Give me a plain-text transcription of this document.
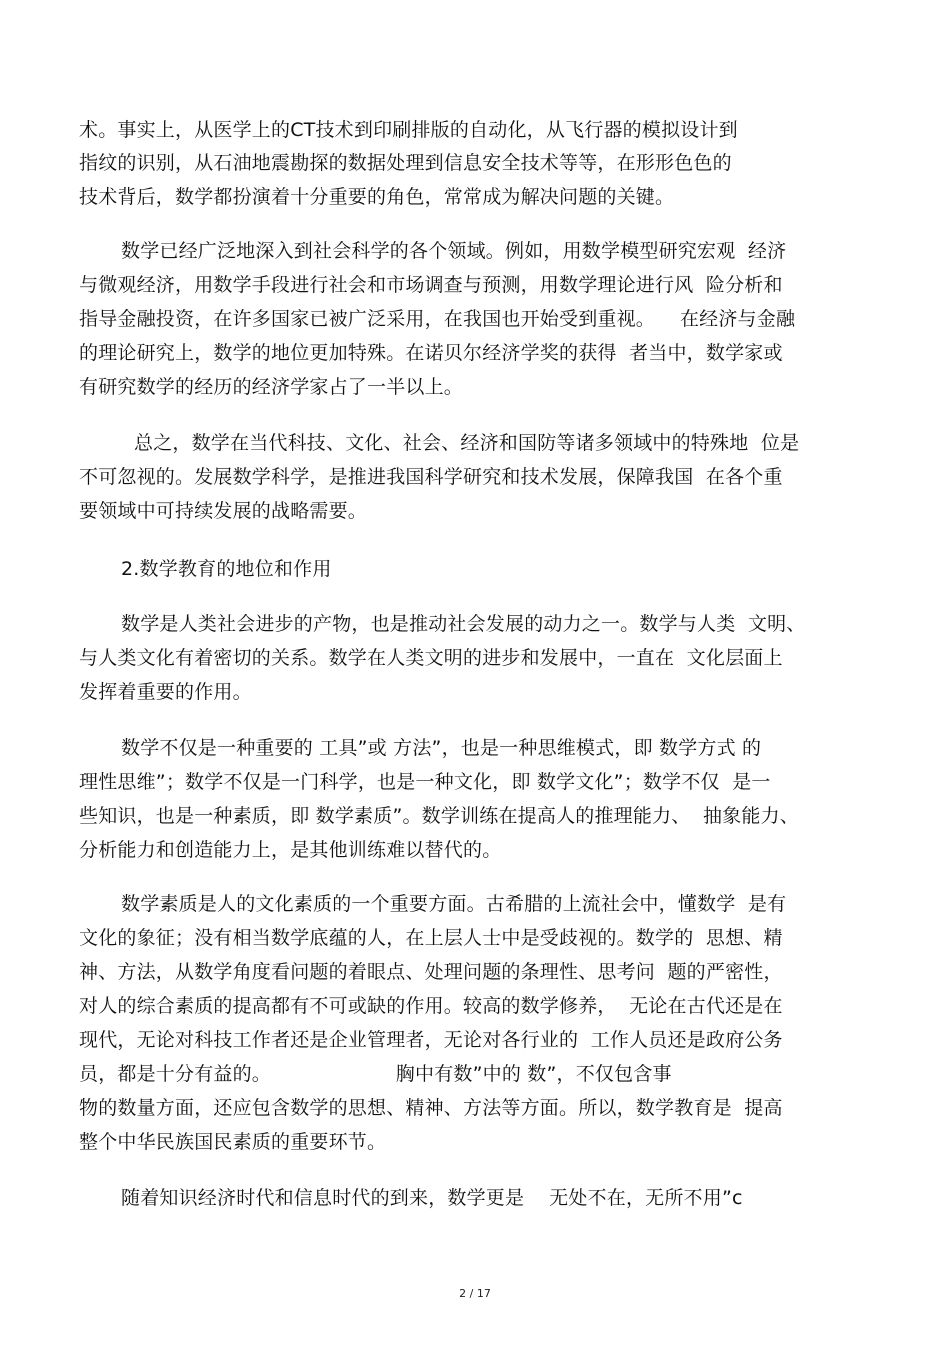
术。事实上，从医学上的CT技术到印刷排版的自动化，从飞行器的模拟设计到
指纹的识别，从石油地震勘探的数据处理到信息安全技术等等，在形形色色的
技术背后，数学都扮演着十分重要的角色，常常成为解决问题的关键。
数学已经广泛地深入到社会科学的各个领域。例如，用数学模型研究宏观  经济
与微观经济，用数学手段进行社会和市场调查与预测，用数学理论进行风  险分析和
指导金融投资，在许多国家已被广泛采用，在我国也开始受到重视。    在经济与金融
的理论研究上，数学的地位更加特殊。在诺贝尔经济学奖的获得  者当中，数学家或
有研究数学的经历的经济学家占了一半以上。
总之，数学在当代科技、文化、社会、经济和国防等诸多领域中的特殊地  位是
不可忽视的。发展数学科学，是推进我国科学研究和技术发展，保障我国  在各个重
要领域中可持续发展的战略需要。
2.数学教育的地位和作用
数学是人类社会进步的产物，也是推动社会发展的动力之一。数学与人类  文明、
与人类文化有着密切的关系。数学在人类文明的进步和发展中，一直在  文化层面上
发挥着重要的作用。
数学不仅是一种重要的 工具”或 方法”，也是一种思维模式，即 数学方式 的
理性思维”；数学不仅是一门科学，也是一种文化，即 数学文化”；数学不仅  是一
些知识，也是一种素质，即 数学素质”。数学训练在提高人的推理能力、  抽象能力、
分析能力和创造能力上，是其他训练难以替代的。
数学素质是人的文化素质的一个重要方面。古希腊的上流社会中，懂数学  是有
文化的象征；没有相当数学底蕴的人，在上层人士中是受歧视的。数学的  思想、精
神、方法，从数学角度看问题的着眼点、处理问题的条理性、思考问  题的严密性，
对人的综合素质的提高都有不可或缺的作用。较高的数学修养，  无论在古代还是在
现代，无论对科技工作者还是企业管理者，无论对各行业的  工作人员还是政府公务
员，都是十分有益的。                    胸中有数”中的 数”，不仅包含事
物的数量方面，还应包含数学的思想、精神、方法等方面。所以，数学教育是  提高
整个中华民族国民素质的重要环节。
随着知识经济时代和信息时代的到来，数学更是    无处不在，无所不用”c
2 / 17
